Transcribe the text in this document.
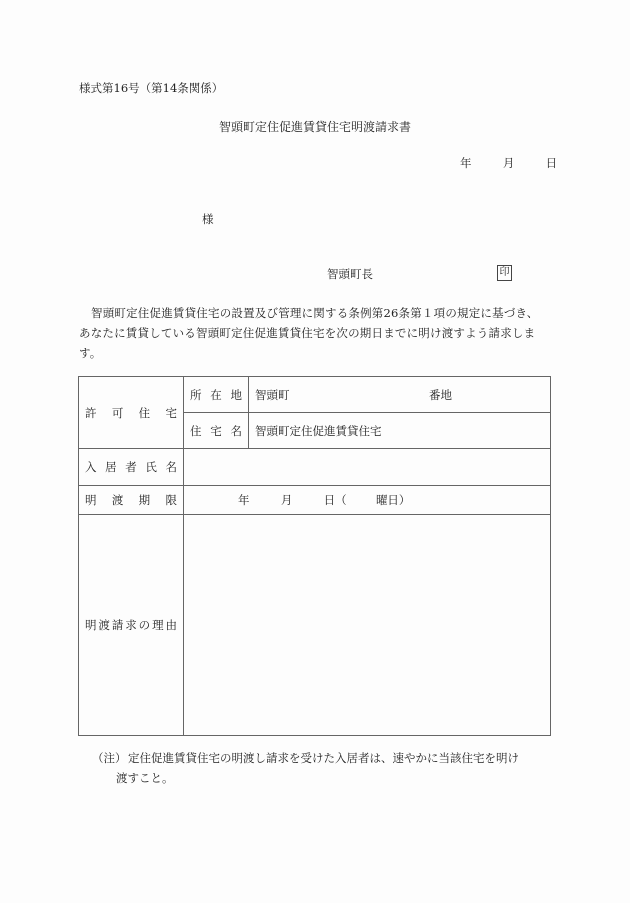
様式第16号（第14条関係）
智頭町定住促進賃貸住宅明渡請求書
年	月	日
様
智頭町長	印
智頭町定住促進賃貸住宅の設置及び管理に関する条例第26条第１項の規定に基づき、あなたに賃貸している智頭町定住促進賃貸住宅を次の期日までに明け渡すよう請求します。
許可住宅	所在地	智頭町 番地

	住宅名	智頭町定住促進賃貸住宅
入居者氏名		
明渡期限	年 月 日（ 曜日）	

明渡請求の理由		
（注） 定住促進賃貸住宅の明渡し請求を受けた入居者は、速やかに当該住宅を明け
渡すこと。
